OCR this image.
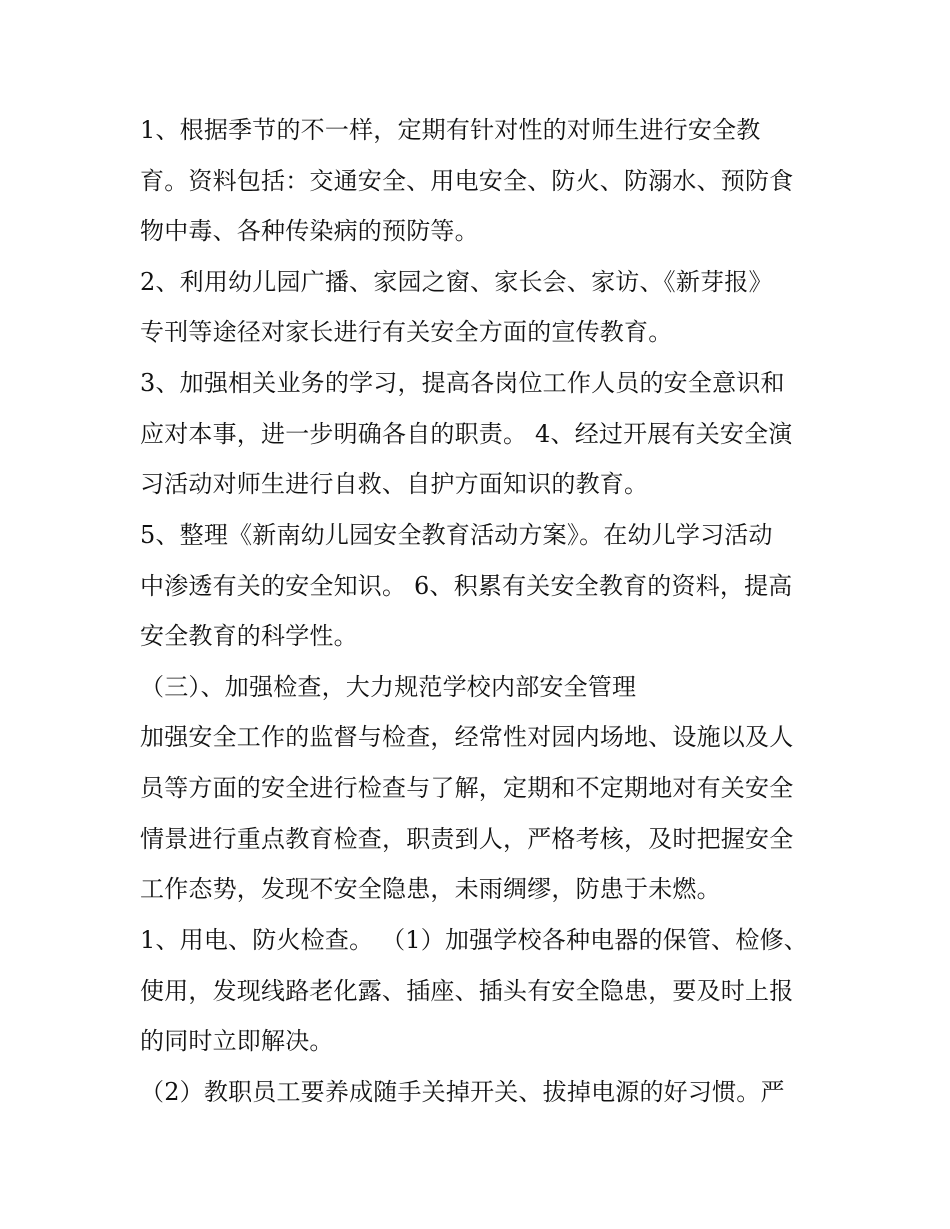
1、根据季节的不一样，定期有针对性的对师生进行安全教
育。资料包括：交通安全、用电安全、防火、防溺水、预防食
物中毒、各种传染病的预防等。
2、利用幼儿园广播、家园之窗、家长会、家访、《新芽报》
专刊等途径对家长进行有关安全方面的宣传教育。
3、加强相关业务的学习，提高各岗位工作人员的安全意识和
应对本事，进一步明确各自的职责。 4、经过开展有关安全演
习活动对师生进行自救、自护方面知识的教育。
5、整理《新南幼儿园安全教育活动方案》。在幼儿学习活动
中渗透有关的安全知识。 6、积累有关安全教育的资料，提高
安全教育的科学性。
（三）、加强检查，大力规范学校内部安全管理
加强安全工作的监督与检查，经常性对园内场地、设施以及人
员等方面的安全进行检查与了解，定期和不定期地对有关安全
情景进行重点教育检查，职责到人，严格考核，及时把握安全
工作态势，发现不安全隐患，未雨绸缪，防患于未燃。
1、用电、防火检查。 （1）加强学校各种电器的保管、检修、
使用，发现线路老化露、插座、插头有安全隐患，要及时上报
的同时立即解决。
（2）教职员工要养成随手关掉开关、拔掉电源的好习惯。严
